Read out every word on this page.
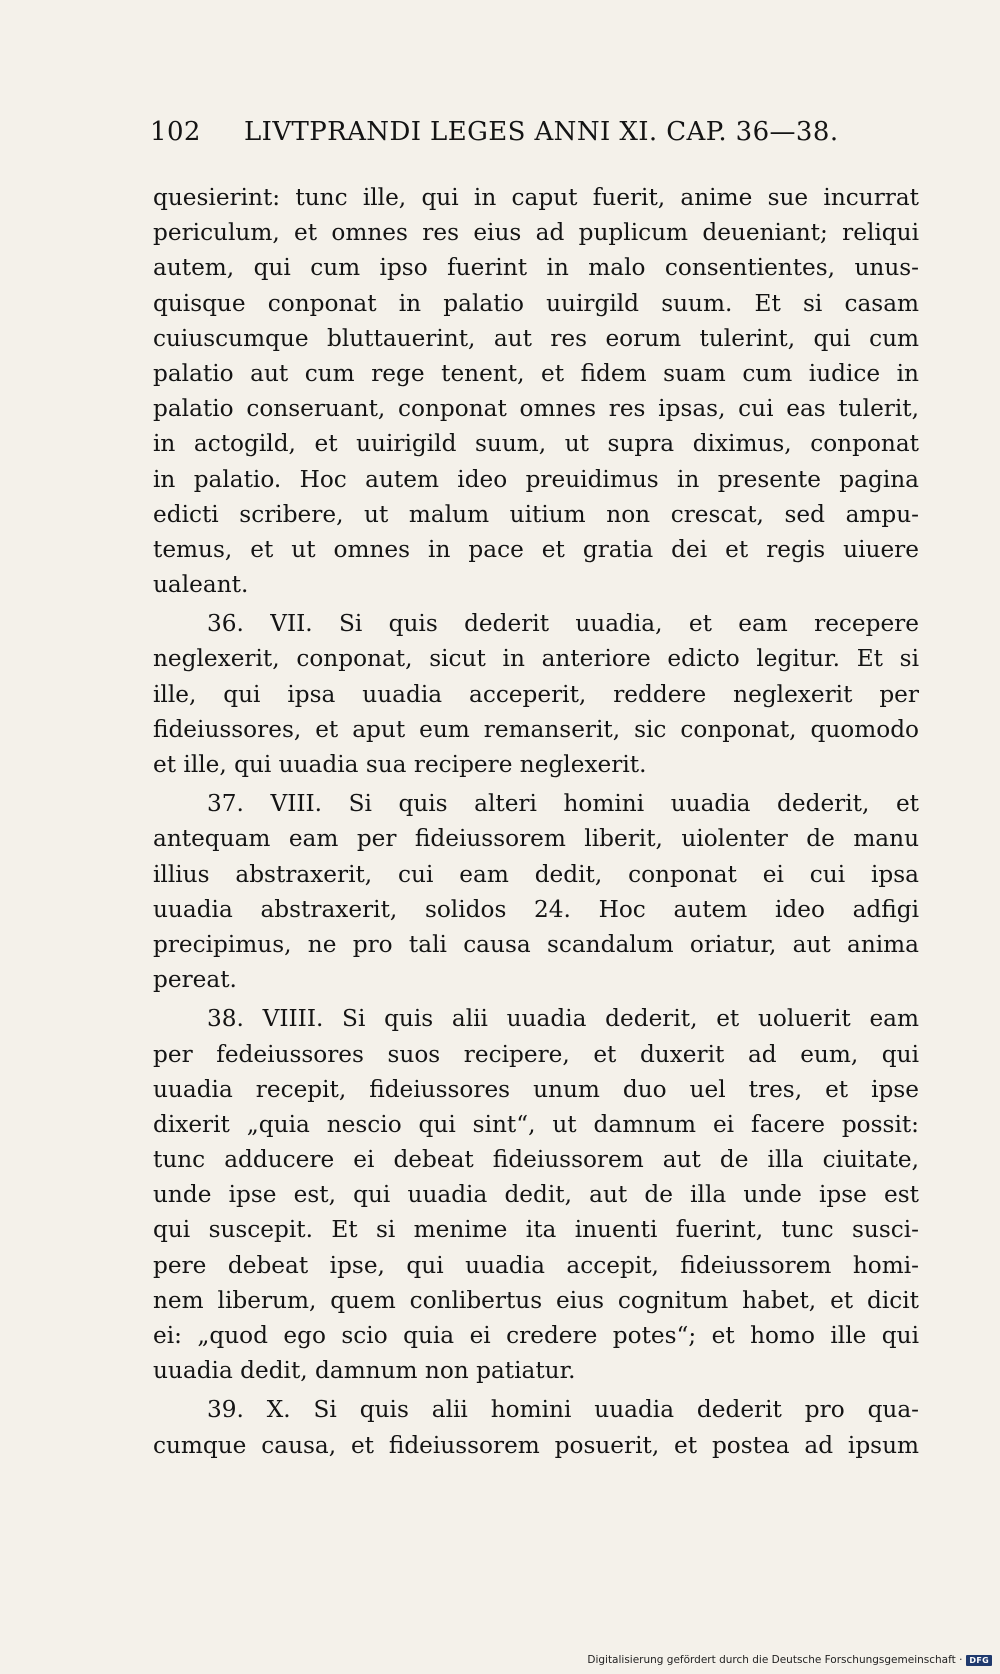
102 LIVTPRANDI LEGES ANNI XI. CAP. 36—38.
quesierint: tunc ille, qui in caput fuerit, anime sue incurrat
periculum, et omnes res eius ad puplicum deueniant; reliqui
autem, qui cum ipso fuerint in malo consentientes, unus-
quisque conponat in palatio uuirgild suum. Et si casam
cuiuscumque bluttauerint, aut res eorum tulerint, qui cum
palatio aut cum rege tenent, et fidem suam cum iudice in
palatio conseruant, conponat omnes res ipsas, cui eas tulerit,
in actogild, et uuirigild suum, ut supra diximus, conponat
in palatio. Hoc autem ideo preuidimus in presente pagina
edicti scribere, ut malum uitium non crescat, sed ampu-
temus, et ut omnes in pace et gratia dei et regis uiuere
ualeant.
36. VII. Si quis dederit uuadia, et eam recepere
neglexerit, conponat, sicut in anteriore edicto legitur. Et si
ille, qui ipsa uuadia acceperit, reddere neglexerit per
fideiussores, et aput eum remanserit, sic conponat, quomodo
et ille, qui uuadia sua recipere neglexerit.
37. VIII. Si quis alteri homini uuadia dederit, et
antequam eam per fideiussorem liberit, uiolenter de manu
illius abstraxerit, cui eam dedit, conponat ei cui ipsa
uuadia abstraxerit, solidos 24. Hoc autem ideo adfigi
precipimus, ne pro tali causa scandalum oriatur, aut anima
pereat.
38. VIIII. Si quis alii uuadia dederit, et uoluerit eam
per fedeiussores suos recipere, et duxerit ad eum, qui
uuadia recepit, fideiussores unum duo uel tres, et ipse
dixerit „quia nescio qui sint“, ut damnum ei facere possit:
tunc adducere ei debeat fideiussorem aut de illa ciuitate,
unde ipse est, qui uuadia dedit, aut de illa unde ipse est
qui suscepit. Et si menime ita inuenti fuerint, tunc susci-
pere debeat ipse, qui uuadia accepit, fideiussorem homi-
nem liberum, quem conlibertus eius cognitum habet, et dicit
ei: „quod ego scio quia ei credere potes“; et homo ille qui
uuadia dedit, damnum non patiatur.
39. X. Si quis alii homini uuadia dederit pro qua-
cumque causa, et fideiussorem posuerit, et postea ad ipsum
Digitalisierung gefördert durch die Deutsche Forschungsgemeinschaft · DFG
